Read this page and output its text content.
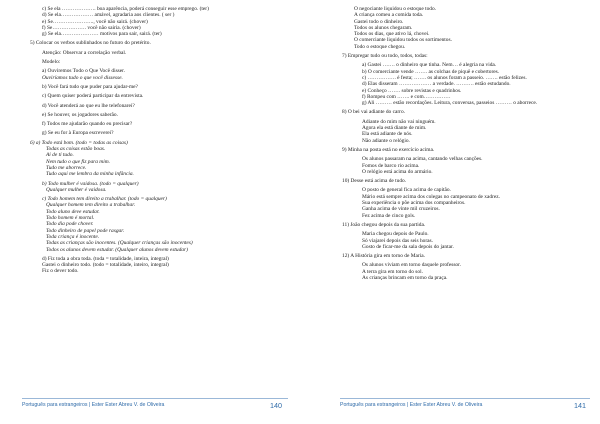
c) Se ela ………………. boa aparência, poderá conseguir esse emprego. (ter)
d) Se ela……………… amável, agradaria aos clientes. ( ser )
e) Se………………….., você não sairá. (chover)
f) Se………………. você não sairia. (chover)
g) Se ela………………… motivos para sair, sairá. (ter)
5) Colocar os verbos sublinhados no futuro do pretérito.
Atenção: Observar a correlação verbal.
Modelo:
a) Ouviremos Todo o Que Você disser.
Ouviríamos tudo o que você dissesse.
b) Você fará tudo que puder para ajudar-me?
c) Quem quiser poderá participar da entrevista.
d) Você atenderá ao que eu lhe telefonarei?
e) Se houver, os jogadores saberão.
f) Todos me ajudarão quando eu precisar?
g) Se eu for à Europa escreverei?
6) a) Todo está bom. (todo = todas as coisas)
Todas as coisas estão boas.
Ai de ti tudo.
Nem tudo o que fiz para mim.
Tudo me aborrece.
Tudo aqui me lembra da minha infância.
b) Todo mulher é vaidosa. (todo = qualquer)
Qualquer mulher é vaidosa.
c) Todo homem tem direito a trabalhar. (todo = qualquer)
Qualquer homem tem direito a trabalhar.
Todo aluno deve estudar.
Todo homem é mortal.
Todo dia pode chover.
Todo dinheiro de papel pode rasgar.
Toda criança é inocente.
Todas as crianças são inocentes. (Qualquer crianças são inocentes)
Todos os alunos devem estudar. (Qualquer alunos devem estudar)
d) Fiz toda a obra toda. (toda = totalidade, inteira, integral)
Gastei o dinheiro todo. (todo = totalidade, inteiro, integral)
Fiz o dever todo.
Português para estrangeiros | Ester Ester Abreu V. de Oliveira	140
O negociante liquidou o estoque todo.
A criança comeu a comida toda.
Gastei todo o dinheiro.
Todos os alunos chegaram.
Todos os dias, que ativo lá, chovei.
O comerciante liquidou todos os sortimentos.
Todo o estoque chegou.
7) Empregar tudo ou todo, todos, todas:
a) Gastei ……. o dinheiro que tinha. Nem… é alegria na vida.
b) O comerciante vende ……. as colchas de piquê e cobertores.
c) ……………. é festa; ……. os alunos foram a passeio. ……. estão felizes.
d) Elas disseram ……………… a verdade. ………. estão estudando.
e) Conheço ……. sobre revistas e quadrinhos.
f) Rompeu com ……. e com……………
g) Ali ……… estão recordações. Leitura, conversas, passeios ……… o aborrece.
8) O bei vai adiante do carro.
Adiante do mim não vai ninguém.
Agora ela está diante de mim.
Ela está adiante de nós.
Não adiante o relógio.
9) Minha na posta está no exercício acima.
Os alunos passaram na acima, cantando velhas canções.
Fomos de barco rio acima.
O relógio está acima do armário.
10) Desse está acima de tudo.
O posto de general fica acima de capitão.
Mário está sempre acima dos colegas no campeonato de xadrez.
Sua experiência o põe acima dos companheiros.
Ganha acima de vinte mil cruzeiros.
Fez acima de cinco gols.
11) João chegou depois da sua partida.
Maria chegou depois de Paulo.
Só viajarei depois das seis horas.
Gosto de ficar-me da sala depois do jantar.
12) A História gira em torno de Maria.
Os alunos viviam em torno daquele professor.
A terra gira em torno do sol.
As crianças brincam em torno da praça.
Português para estrangeiros | Ester Ester Abreu V. de Oliveira	141
